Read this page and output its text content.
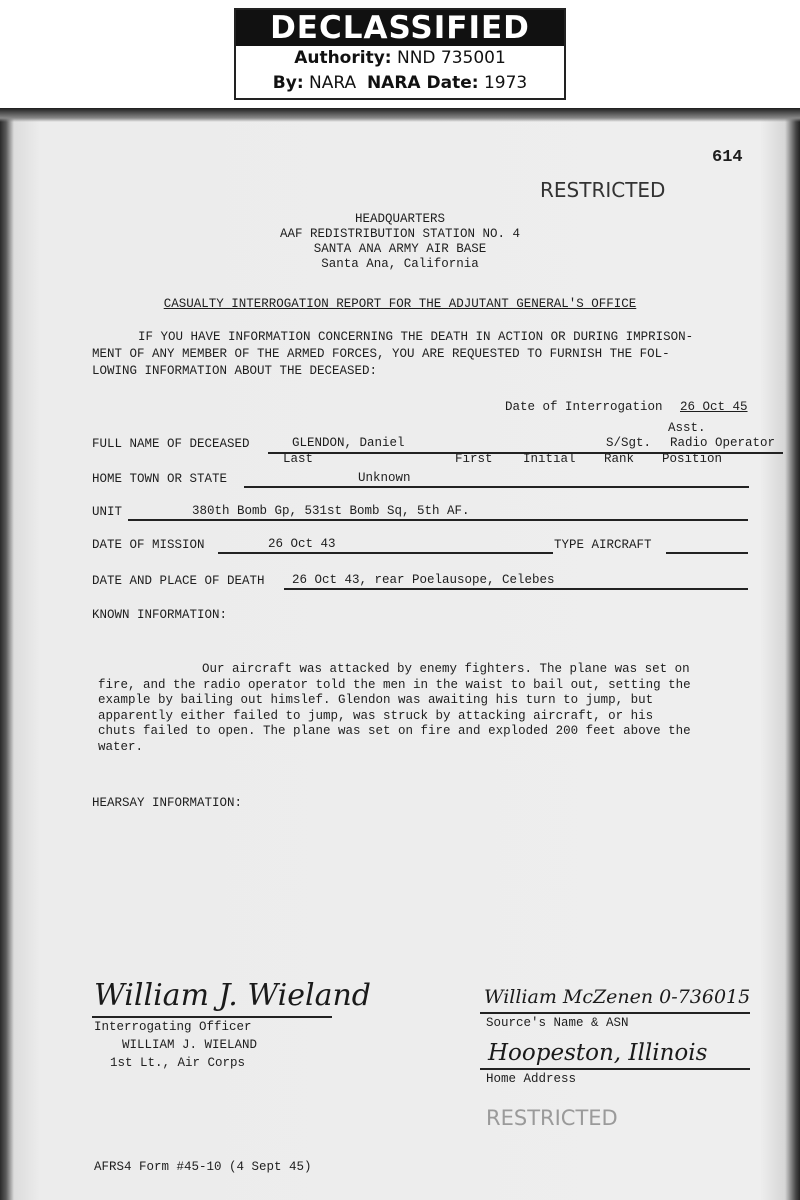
DECLASSIFIED
Authority: NND 735001
By: NARA NARA Date: 1973
614
RESTRICTED
HEADQUARTERS
AAF REDISTRIBUTION STATION NO. 4
SANTA ANA ARMY AIR BASE
Santa Ana, California
CASUALTY INTERROGATION REPORT FOR THE ADJUTANT GENERAL'S OFFICE
IF YOU HAVE INFORMATION CONCERNING THE DEATH IN ACTION OR DURING IMPRISON-
MENT OF ANY MEMBER OF THE ARMED FORCES, YOU ARE REQUESTED TO FURNISH THE FOL-
LOWING INFORMATION ABOUT THE DECEASED:
Date of Interrogation 26 Oct 45
Asst.
FULL NAME OF DECEASED	GLENDON, Daniel	S/Sgt. Radio Operator
Last	First Initial Rank Position
HOME TOWN OR STATE	Unknown
UNIT	380th Bomb Gp, 531st Bomb Sq, 5th AF.
DATE OF MISSION	26 Oct 43	TYPE AIRCRAFT
DATE AND PLACE OF DEATH 26 Oct 43, rear Poelausope, Celebes
KNOWN INFORMATION:

Our aircraft was attacked by enemy fighters. The plane was set on fire, and the radio operator told the men in the waist to bail out, setting the example by bailing out himslef. Glendon was awaiting his turn to jump, but apparently either failed to jump, was struck by attacking aircraft, or his chuts failed to open. The plane was set on fire and exploded 200 feet above the water.

HEARSAY INFORMATION:
William J. Wieland
Interrogating Officer
WILLIAM J. WIELAND
1st Lt., Air Corps
William McZenen 0-736015
Source's Name & ASN
Hoopeston, Illinois
Home Address
RESTRICTED
AFRS4 Form #45-10 (4 Sept 45)
